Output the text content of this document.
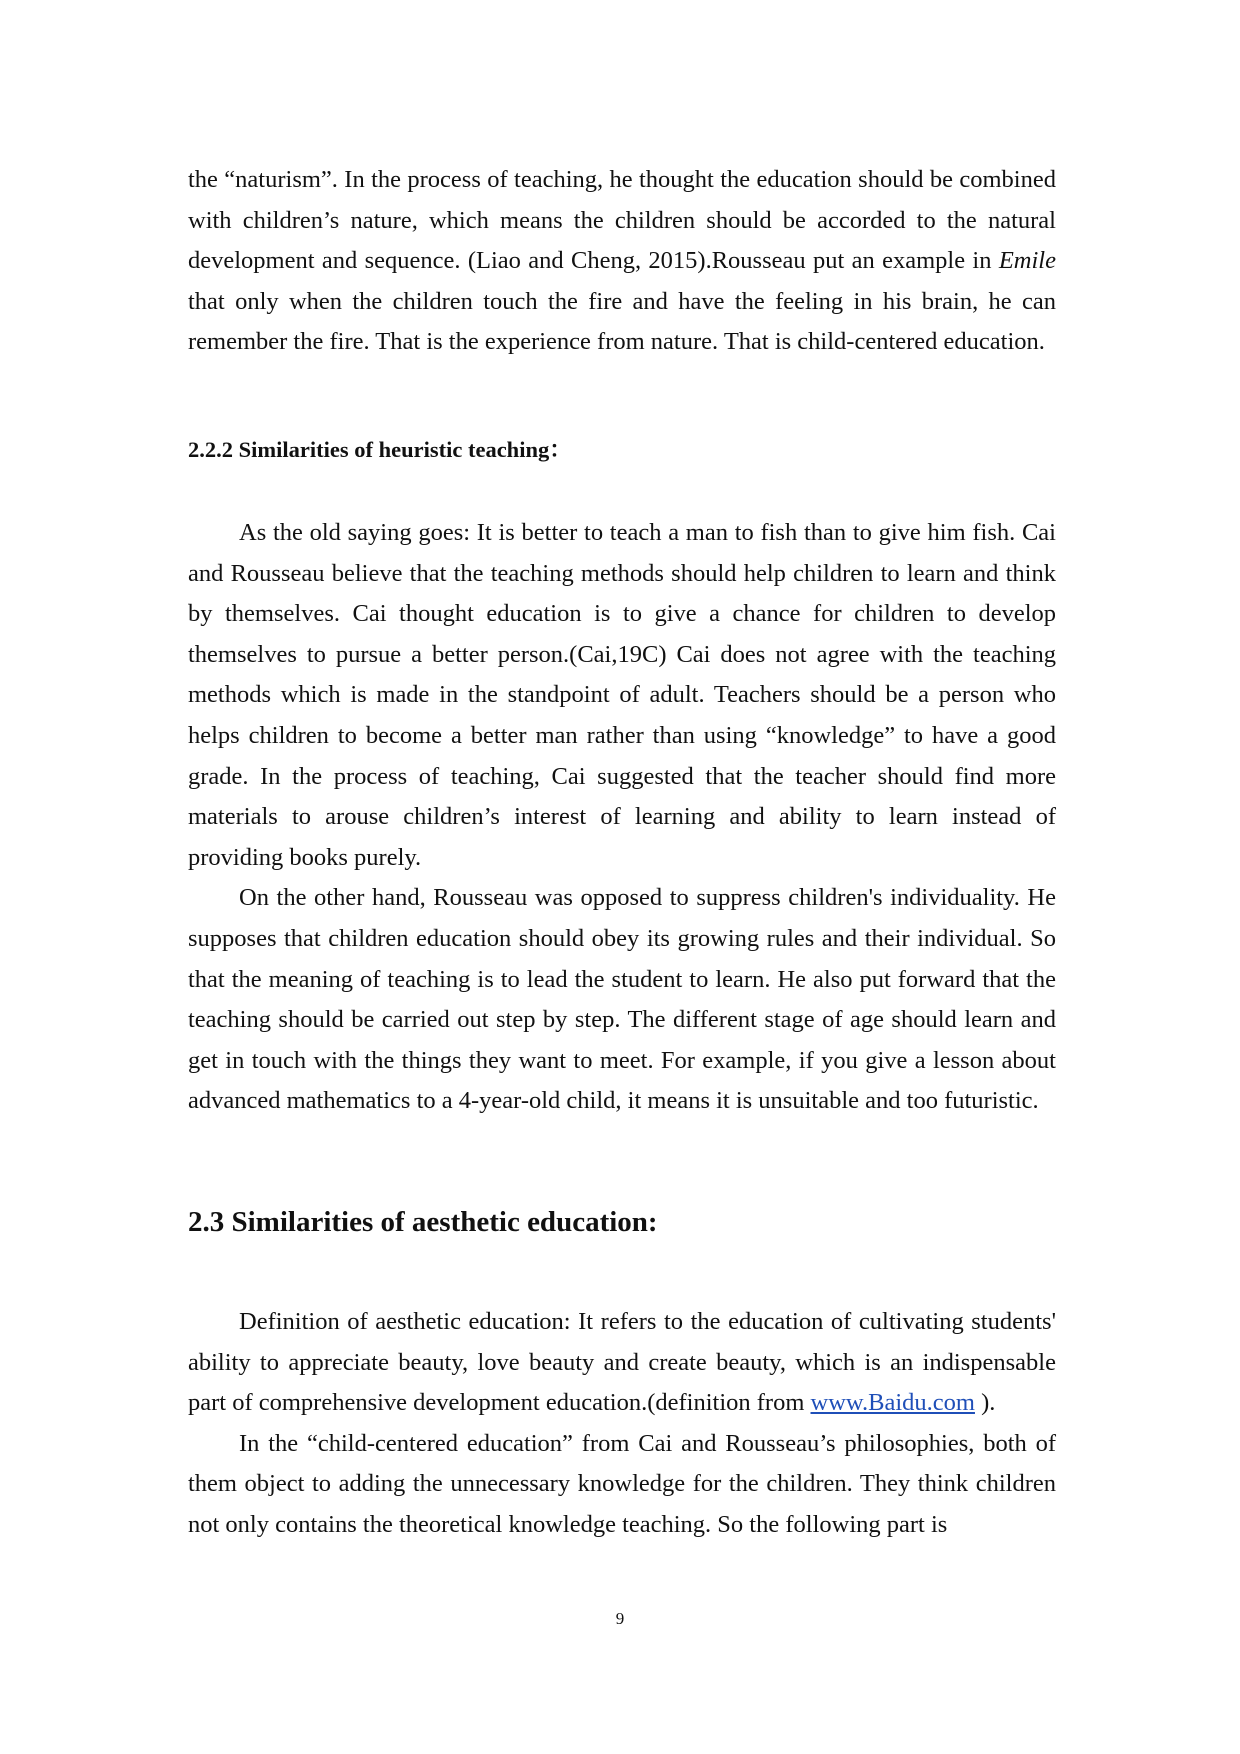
the “naturism”. In the process of teaching, he thought the education should be combined with children’s nature, which means the children should be accorded to the natural development and sequence. (Liao and Cheng, 2015).Rousseau put an example in Emile that only when the children touch the fire and have the feeling in his brain, he can remember the fire. That is the experience from nature. That is child-centered education.

2.2.2 Similarities of heuristic teaching：

As the old saying goes: It is better to teach a man to fish than to give him fish. Cai and Rousseau believe that the teaching methods should help children to learn and think by themselves. Cai thought education is to give a chance for children to develop themselves to pursue a better person.(Cai,19C) Cai does not agree with the teaching methods which is made in the standpoint of adult. Teachers should be a person who helps children to become a better man rather than using “knowledge” to have a good grade. In the process of teaching, Cai suggested that the teacher should find more materials to arouse children’s interest of learning and ability to learn instead of providing books purely.

On the other hand, Rousseau was opposed to suppress children's individuality. He supposes that children education should obey its growing rules and their individual. So that the meaning of teaching is to lead the student to learn. He also put forward that the teaching should be carried out step by step. The different stage of age should learn and get in touch with the things they want to meet. For example, if you give a lesson about advanced mathematics to a 4-year-old child, it means it is unsuitable and too futuristic.

2.3 Similarities of aesthetic education:

Definition of aesthetic education: It refers to the education of cultivating students' ability to appreciate beauty, love beauty and create beauty, which is an indispensable part of comprehensive development education.(definition from www.Baidu.com ).

In the “child-centered education” from Cai and Rousseau’s philosophies, both of them object to adding the unnecessary knowledge for the children. They think children not only contains the theoretical knowledge teaching. So the following part is

9
